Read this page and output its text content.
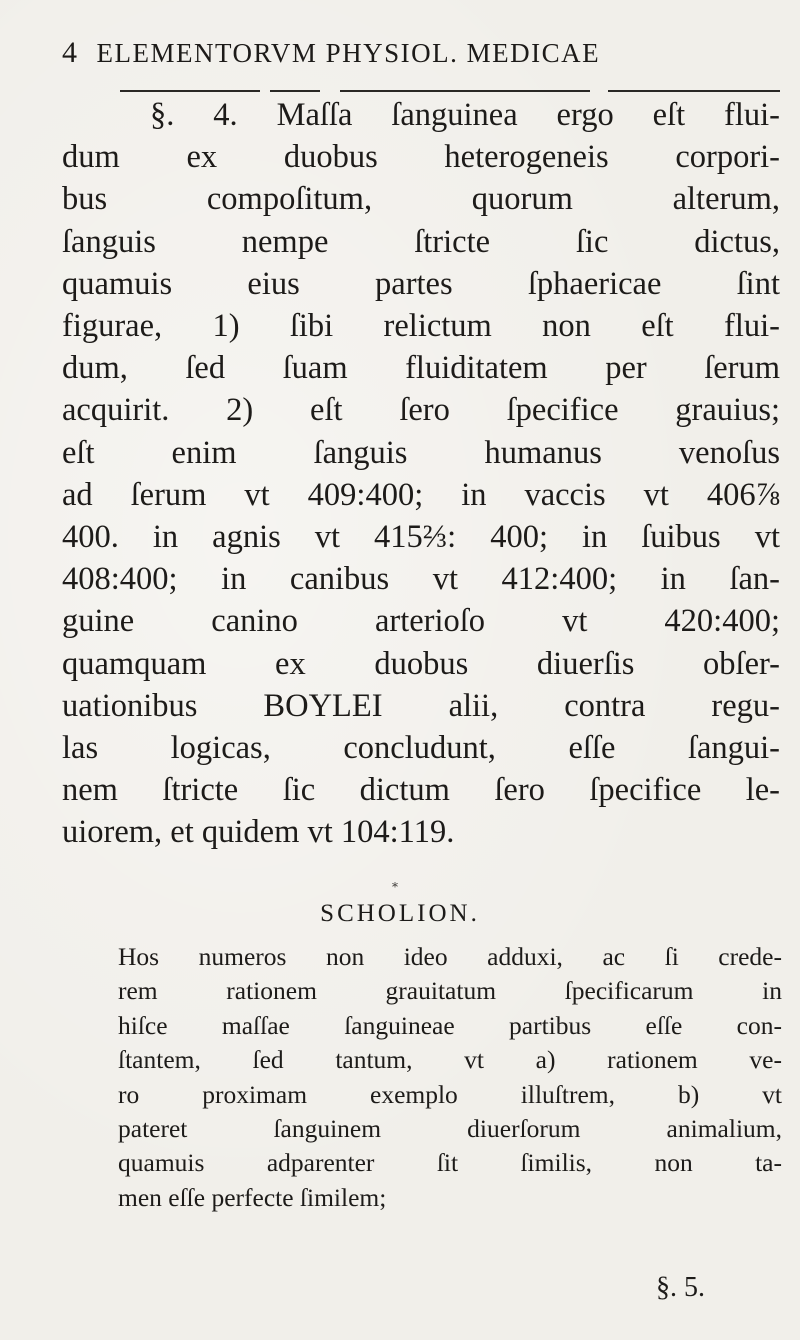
4 ELEMENTORVM PHYSIOL. MEDICAE
§. 4. Maſſa ſanguinea ergo eſt flui-
dum ex duobus heterogeneis corpori-
bus compoſitum, quorum alterum,
ſanguis nempe ſtricte ſic dictus,
quamuis eius partes ſphaericae ſint
figurae, 1) ſibi relictum non eſt flui-
dum, ſed ſuam fluiditatem per ſerum
acquirit. 2) eſt ſero ſpecifice grauius;
eſt enim ſanguis humanus venoſus
ad ſerum vt 409:400; in vaccis vt 406⅞
400. in agnis vt 415⅔: 400; in ſuibus vt
408:400; in canibus vt 412:400; in ſan-
guine canino arterioſo vt 420:400;
quamquam ex duobus diuerſis obſer-
uationibus BOYLEI alii, contra regu-
las logicas, concludunt, eſſe ſangui-
nem ſtricte ſic dictum ſero ſpecifice le-
uiorem, et quidem vt 104:119.
*
SCHOLION.
Hos numeros non ideo adduxi, ac ſi crede-
rem rationem grauitatum ſpecificarum in
hiſce maſſae ſanguineae partibus eſſe con-
ſtantem, ſed tantum, vt a) rationem ve-
ro proximam exemplo illuſtrem, b) vt
pateret ſanguinem diuerſorum animalium,
quamuis adparenter ſit ſimilis, non ta-
men eſſe perfecte ſimilem;
§. 5.
